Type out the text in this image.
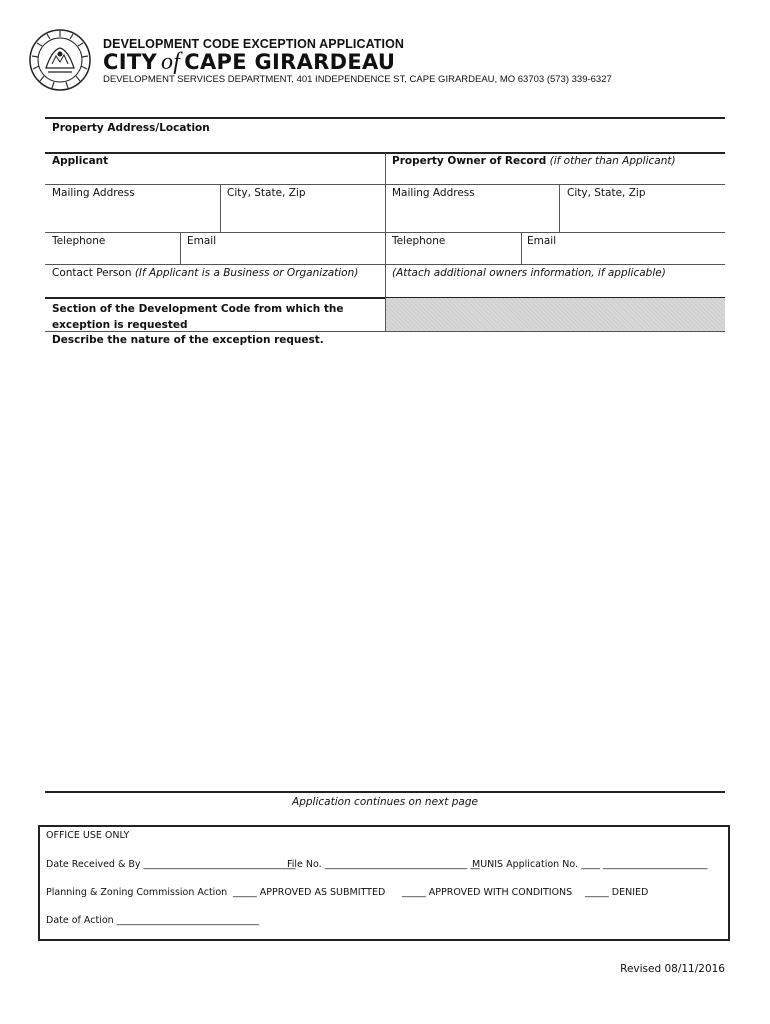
DEVELOPMENT CODE EXCEPTION APPLICATION
CITY of CAPE GIRARDEAU
DEVELOPMENT SERVICES DEPARTMENT, 401 INDEPENDENCE ST, CAPE GIRARDEAU, MO 63703 (573) 339-6327
Property Address/Location
Applicant	Property Owner of Record (if other than Applicant)
Mailing Address	City, State, Zip	Mailing Address	City, State, Zip
Telephone	Email	Telephone	Email
Contact Person (If Applicant is a Business or Organization)	(Attach additional owners information, if applicable)
Section of the Development Code from which the exception is requested
Describe the nature of the exception request.
Application continues on next page
OFFICE USE ONLY
Date Received & By ________________________________
File No. ______________________________ __
MUNIS Application No. ____ ______________________
Planning & Zoning Commission Action _____ APPROVED AS SUBMITTED _____ APPROVED WITH CONDITIONS _____ DENIED
Date of Action ______________________________
Revised 08/11/2016
